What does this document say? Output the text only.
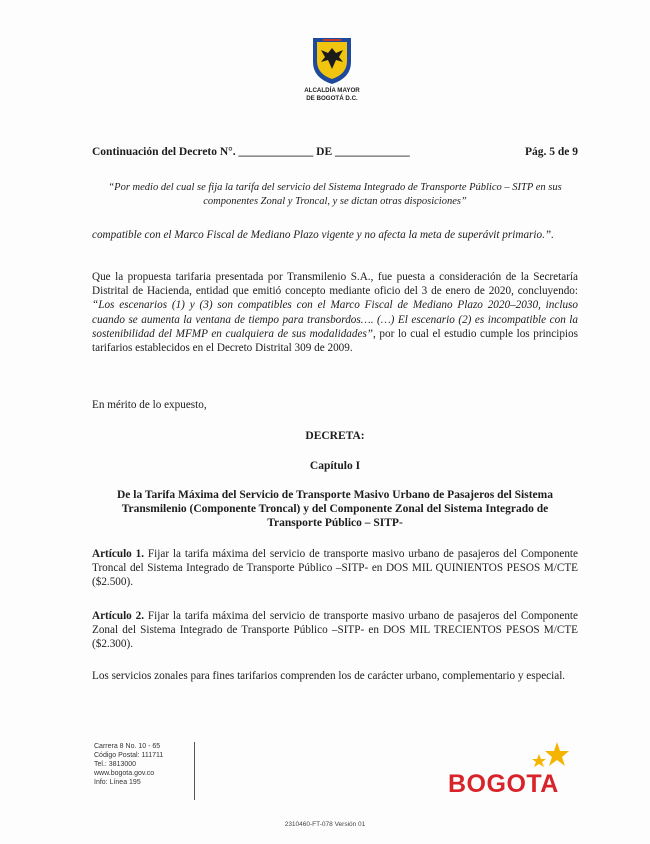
ALCALDÍA MAYOR
DE BOGOTÁ D.C.
Continuación del Decreto N°. _____________ DE _____________	Pág. 5 de 9
“Por medio del cual se fija la tarifa del servicio del Sistema Integrado de Transporte Público – SITP en sus componentes Zonal y Troncal, y se dictan otras disposiciones”
compatible con el Marco Fiscal de Mediano Plazo vigente y no afecta la meta de superávit primario.”.
Que la propuesta tarifaria presentada por Transmilenio S.A., fue puesta a consideración de la Secretaría Distrital de Hacienda, entidad que emitió concepto mediante oficio del 3 de enero de 2020, concluyendo: “Los escenarios (1) y (3) son compatibles con el Marco Fiscal de Mediano Plazo 2020–2030, incluso cuando se aumenta la ventana de tiempo para transbordos…. (…) El escenario (2) es incompatible con la sostenibilidad del MFMP en cualquiera de sus modalidades”, por lo cual el estudio cumple los principios tarifarios establecidos en el Decreto Distrital 309 de 2009.
En mérito de lo expuesto,
DECRETA:
Capítulo I
De la Tarifa Máxima del Servicio de Transporte Masivo Urbano de Pasajeros del Sistema Transmilenio (Componente Troncal) y del Componente Zonal del Sistema Integrado de Transporte Público – SITP-
Artículo 1. Fijar la tarifa máxima del servicio de transporte masivo urbano de pasajeros del Componente Troncal del Sistema Integrado de Transporte Público –SITP- en DOS MIL QUINIENTOS PESOS M/CTE ($2.500).
Artículo 2. Fijar la tarifa máxima del servicio de transporte masivo urbano de pasajeros del Componente Zonal del Sistema Integrado de Transporte Público –SITP- en DOS MIL TRECIENTOS PESOS M/CTE ($2.300).
Los servicios zonales para fines tarifarios comprenden los de carácter urbano, complementario y especial.
Carrera 8 No. 10 - 65
Código Postal: 111711
Tel.: 3813000
www.bogota.gov.co
Info: Línea 195	BOGOTA
2310460-FT-078 Versión 01
